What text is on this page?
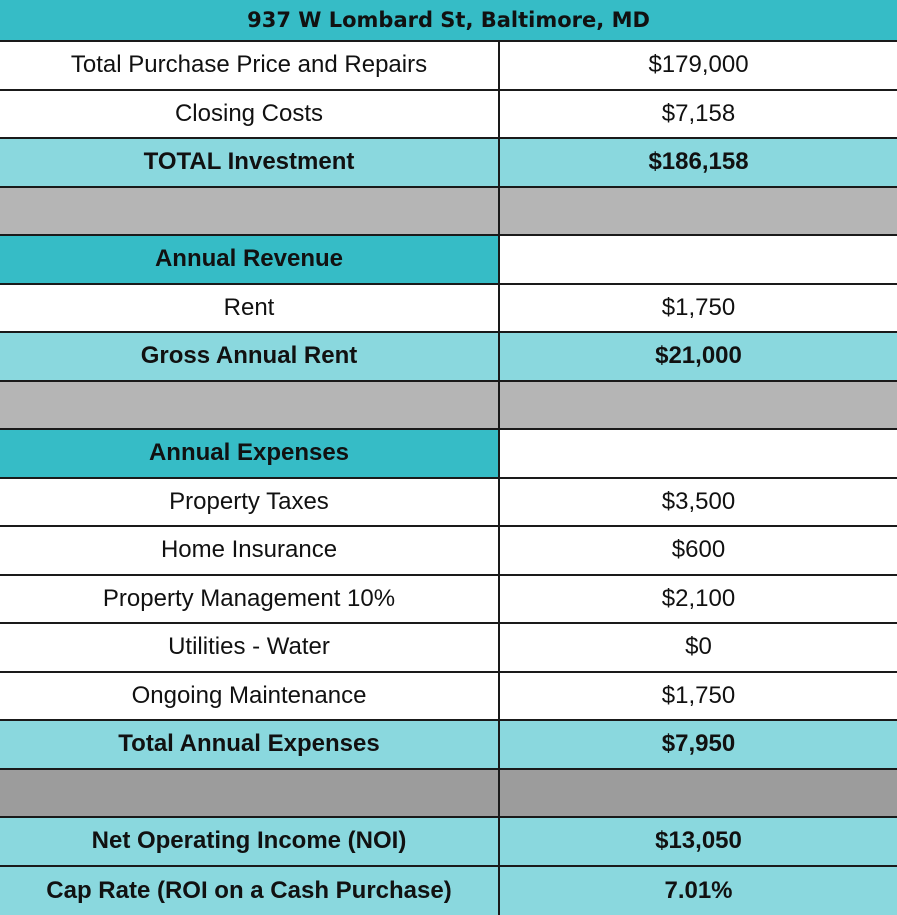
937 W Lombard St, Baltimore, MD
Total Purchase Price and Repairs	$179,000
Closing Costs	$7,158
TOTAL Investment	$186,158
Annual Revenue
Rent	$1,750
Gross Annual Rent	$21,000
Annual Expenses
Property Taxes	$3,500
Home Insurance	$600
Property Management 10%	$2,100
Utilities - Water	$0
Ongoing Maintenance	$1,750
Total Annual Expenses	$7,950
Net Operating Income (NOI)	$13,050
Cap Rate (ROI on a Cash Purchase)	7.01%
